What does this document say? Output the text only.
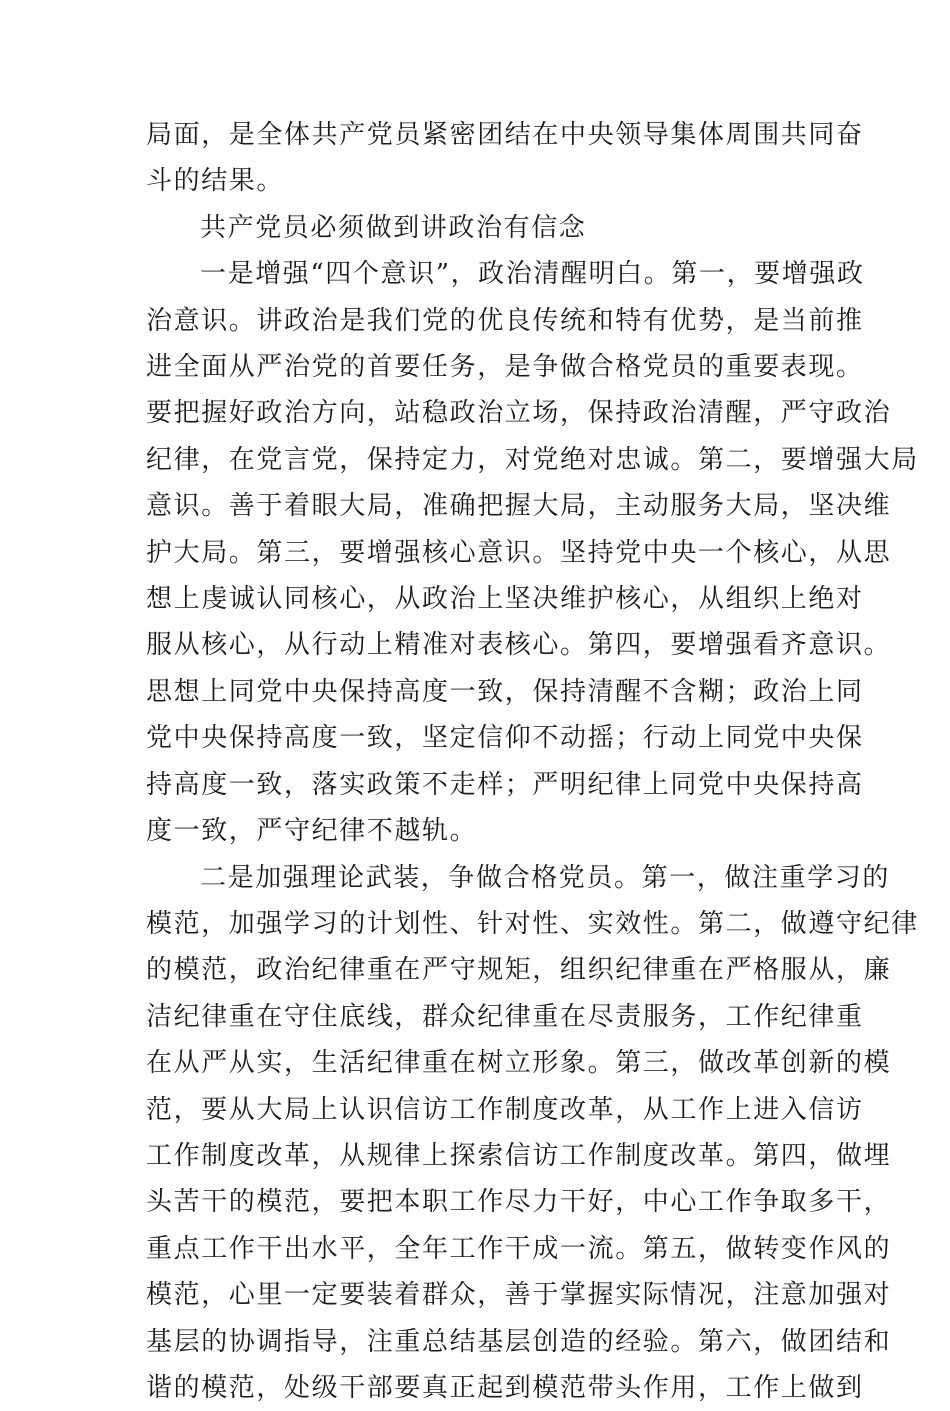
局面，是全体共产党员紧密团结在中央领导集体周围共同奋
斗的结果。
共产党员必须做到讲政治有信念
一是增强“四个意识”，政治清醒明白。第一，要增强政
治意识。讲政治是我们党的优良传统和特有优势，是当前推
进全面从严治党的首要任务，是争做合格党员的重要表现。
要把握好政治方向，站稳政治立场，保持政治清醒，严守政治
纪律，在党言党，保持定力，对党绝对忠诚。第二，要增强大局
意识。善于着眼大局，准确把握大局，主动服务大局，坚决维
护大局。第三，要增强核心意识。坚持党中央一个核心，从思
想上虔诚认同核心，从政治上坚决维护核心，从组织上绝对
服从核心，从行动上精准对表核心。第四，要增强看齐意识。
思想上同党中央保持高度一致，保持清醒不含糊；政治上同
党中央保持高度一致，坚定信仰不动摇；行动上同党中央保
持高度一致，落实政策不走样；严明纪律上同党中央保持高
度一致，严守纪律不越轨。
二是加强理论武装，争做合格党员。第一，做注重学习的
模范，加强学习的计划性、针对性、实效性。第二，做遵守纪律
的模范，政治纪律重在严守规矩，组织纪律重在严格服从，廉
洁纪律重在守住底线，群众纪律重在尽责服务，工作纪律重
在从严从实，生活纪律重在树立形象。第三，做改革创新的模
范，要从大局上认识信访工作制度改革，从工作上进入信访
工作制度改革，从规律上探索信访工作制度改革。第四，做埋
头苦干的模范，要把本职工作尽力干好，中心工作争取多干，
重点工作干出水平，全年工作干成一流。第五，做转变作风的
模范，心里一定要装着群众，善于掌握实际情况，注意加强对
基层的协调指导，注重总结基层创造的经验。第六，做团结和
谐的模范，处级干部要真正起到模范带头作用，工作上做到
